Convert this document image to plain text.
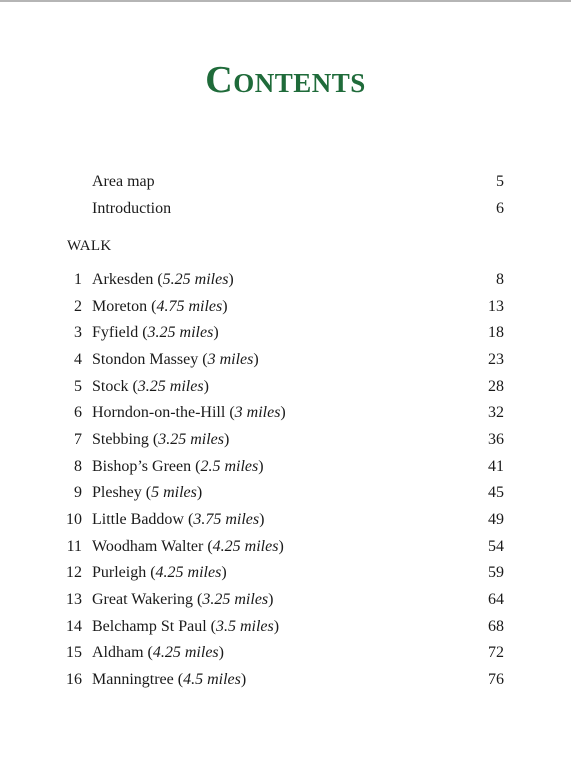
Contents
Area map	5
Introduction	6
WALK
1 Arkesden (5.25 miles)	8
2 Moreton (4.75 miles)	13
3 Fyfield (3.25 miles)	18
4 Stondon Massey (3 miles)	23
5 Stock (3.25 miles)	28
6 Horndon-on-the-Hill (3 miles)	32
7 Stebbing (3.25 miles)	36
8 Bishop’s Green (2.5 miles)	41
9 Pleshey (5 miles)	45
10 Little Baddow (3.75 miles)	49
11 Woodham Walter (4.25 miles)	54
12 Purleigh (4.25 miles)	59
13 Great Wakering (3.25 miles)	64
14 Belchamp St Paul (3.5 miles)	68
15 Aldham (4.25 miles)	72
16 Manningtree (4.5 miles)	76
